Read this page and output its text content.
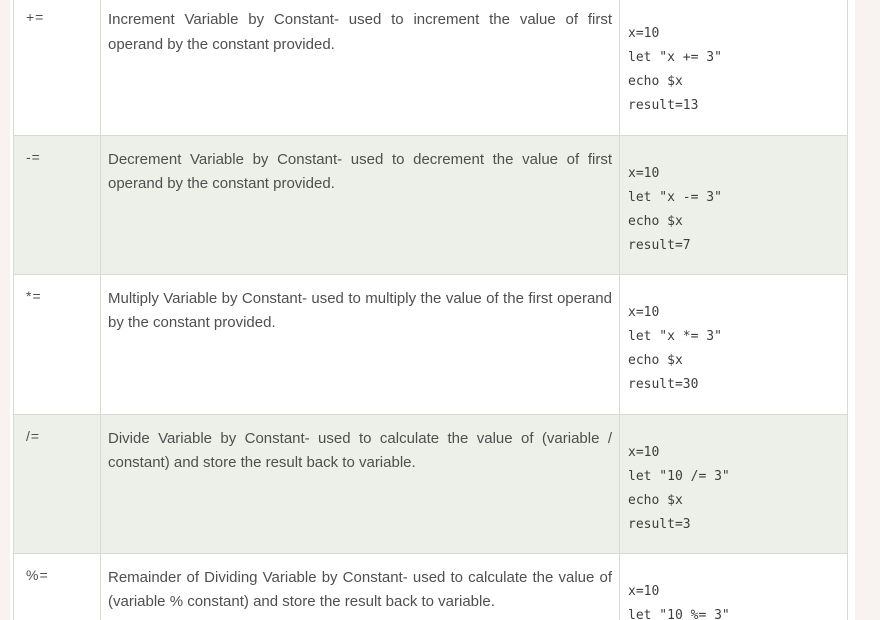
+=	Increment Variable by Constant- used to increment the value of first operand by the constant provided.	x=10
let "x += 3"
echo $x
result=13

-=	Decrement Variable by Constant- used to decrement the value of first operand by the constant provided.	x=10
let "x -= 3"
echo $x
result=7

*=	Multiply Variable by Constant- used to multiply the value of the first operand by the constant provided.	x=10
let "x *= 3"
echo $x
result=30

/=	Divide Variable by Constant- used to calculate the value of (variable / constant) and store the result back to variable.	x=10
let "10 /= 3"
echo $x
result=3

%=	Remainder of Dividing Variable by Constant- used to calculate the value of (variable % constant) and store the result back to variable.	x=10
let "10 %= 3"
